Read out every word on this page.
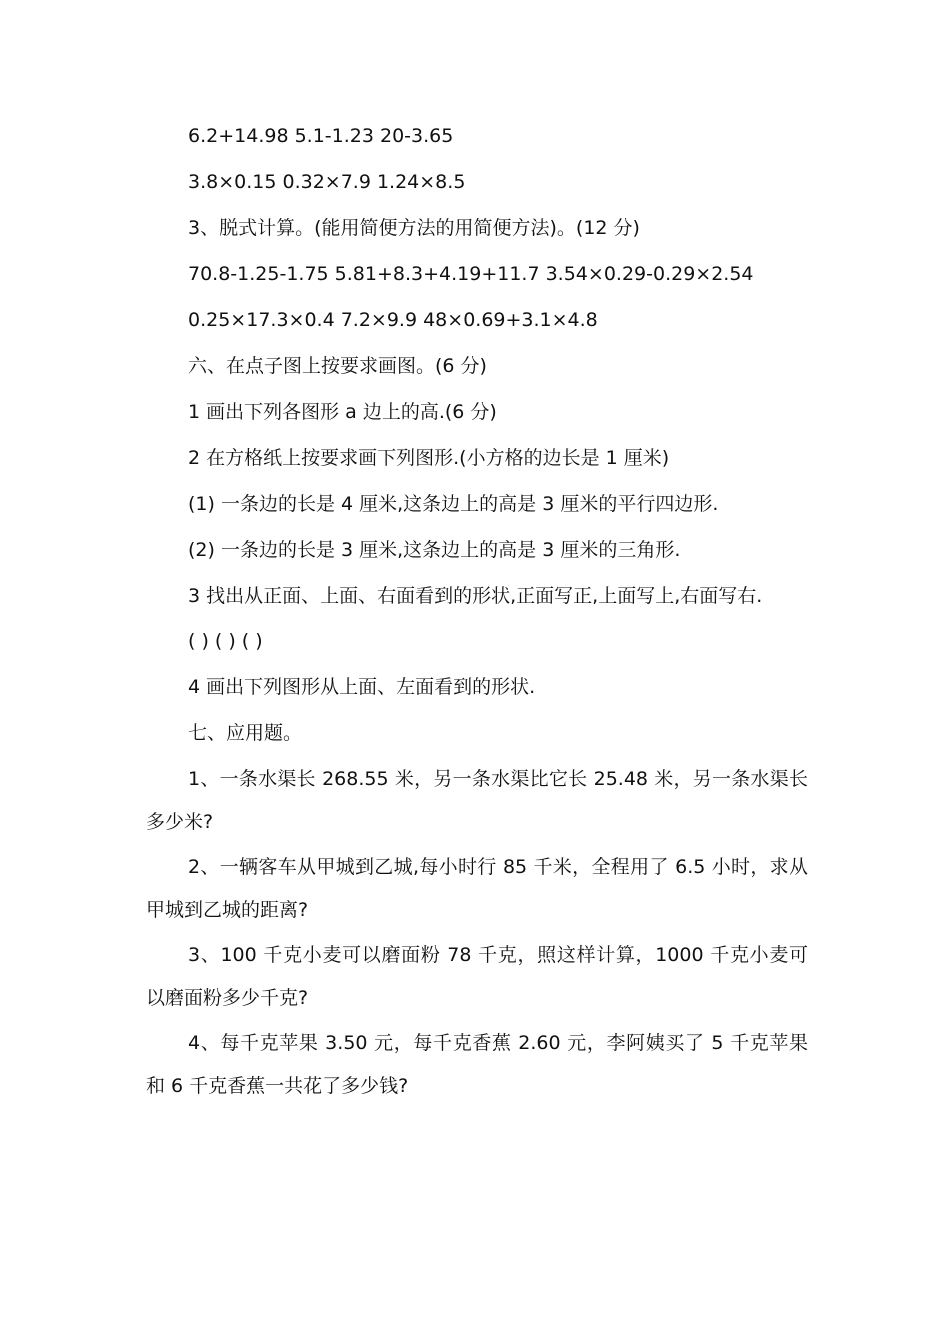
6.2+14.98 5.1-1.23 20-3.65

3.8×0.15 0.32×7.9 1.24×8.5

3、脱式计算。(能用简便方法的用简便方法)。(12 分)

70.8-1.25-1.75 5.81+8.3+4.19+11.7 3.54×0.29-0.29×2.54

0.25×17.3×0.4 7.2×9.9 48×0.69+3.1×4.8

六、在点子图上按要求画图。(6 分)

1 画出下列各图形 a 边上的高.(6 分)

2 在方格纸上按要求画下列图形.(小方格的边长是 1 厘米)

(1) 一条边的长是 4 厘米,这条边上的高是 3 厘米的平行四边形.

(2) 一条边的长是 3 厘米,这条边上的高是 3 厘米的三角形.

3 找出从正面、上面、右面看到的形状,正面写正,上面写上,右面写右.

( ) ( ) ( )

4 画出下列图形从上面、左面看到的形状.

七、应用题。

1、一条水渠长 268.55 米，另一条水渠比它长 25.48 米，另一条水渠长多少米?

2、一辆客车从甲城到乙城,每小时行 85 千米，全程用了 6.5 小时，求从甲城到乙城的距离?

3、100 千克小麦可以磨面粉 78 千克，照这样计算，1000 千克小麦可以磨面粉多少千克?

4、每千克苹果 3.50 元，每千克香蕉 2.60 元，李阿姨买了 5 千克苹果和 6 千克香蕉一共花了多少钱?
